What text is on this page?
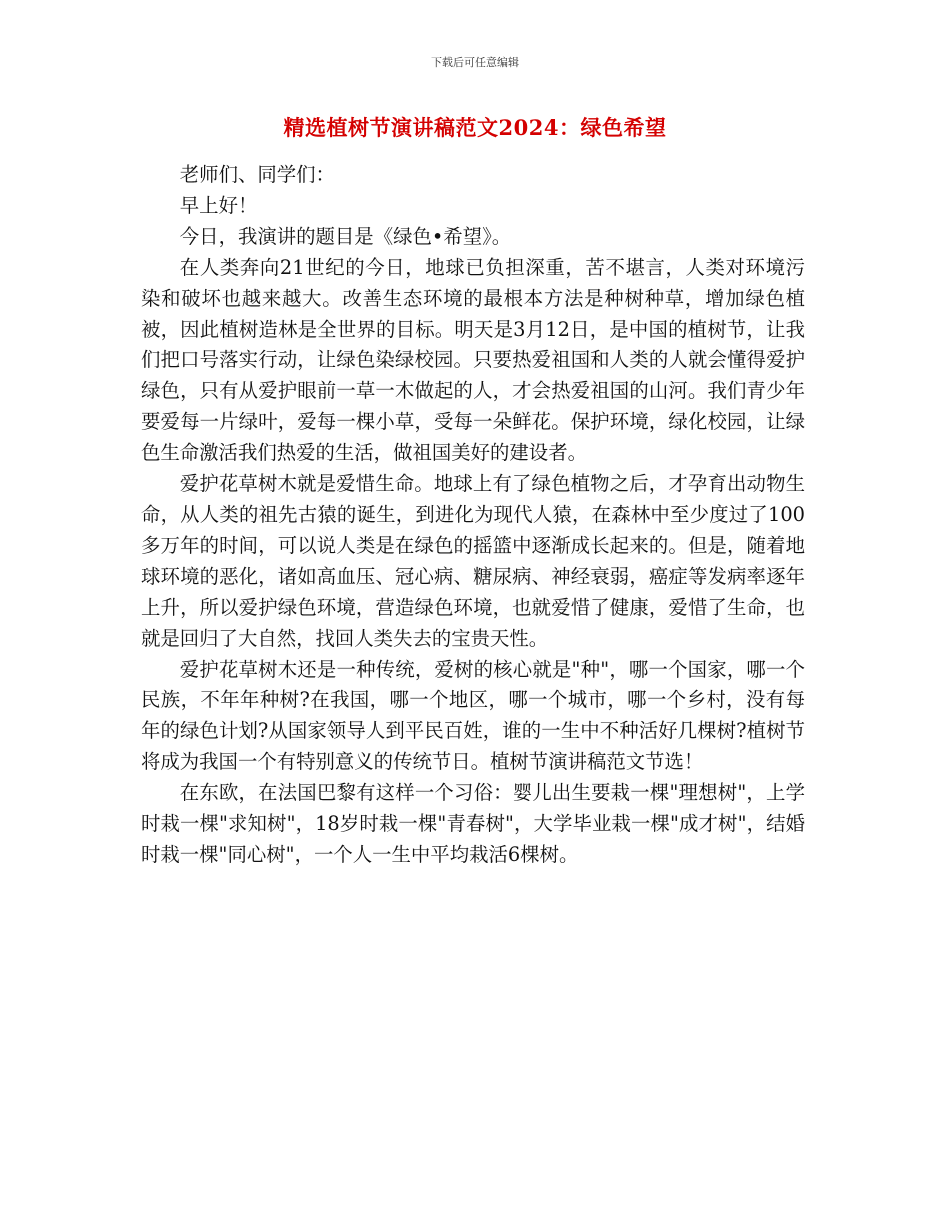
下载后可任意编辑
精选植树节演讲稿范文2024：绿色希望

老师们、同学们：

早上好！

今日，我演讲的题目是《绿色•希望》。

在人类奔向21世纪的今日，地球已负担深重，苦不堪言，人类对环境污染和破坏也越来越大。改善生态环境的最根本方法是种树种草，增加绿色植被，因此植树造林是全世界的目标。明天是3月12日，是中国的植树节，让我们把口号落实行动，让绿色染绿校园。只要热爱祖国和人类的人就会懂得爱护绿色，只有从爱护眼前一草一木做起的人，才会热爱祖国的山河。我们青少年要爱每一片绿叶，爱每一棵小草，受每一朵鲜花。保护环境，绿化校园，让绿色生命激活我们热爱的生活，做祖国美好的建设者。

爱护花草树木就是爱惜生命。地球上有了绿色植物之后，才孕育出动物生命，从人类的祖先古猿的诞生，到进化为现代人猿，在森林中至少度过了100多万年的时间，可以说人类是在绿色的摇篮中逐渐成长起来的。但是，随着地球环境的恶化，诸如高血压、冠心病、糖尿病、神经衰弱，癌症等发病率逐年上升，所以爱护绿色环境，营造绿色环境，也就爱惜了健康，爱惜了生命，也就是回归了大自然，找回人类失去的宝贵天性。

爱护花草树木还是一种传统，爱树的核心就是"种"，哪一个国家，哪一个民族，不年年种树?在我国，哪一个地区，哪一个城市，哪一个乡村，没有每年的绿色计划?从国家领导人到平民百姓，谁的一生中不种活好几棵树?植树节将成为我国一个有特别意义的传统节日。植树节演讲稿范文节选！

在东欧，在法国巴黎有这样一个习俗：婴儿出生要栽一棵"理想树"，上学时栽一棵"求知树"，18岁时栽一棵"青春树"，大学毕业栽一棵"成才树"，结婚时栽一棵"同心树"，一个人一生中平均栽活6棵树。
